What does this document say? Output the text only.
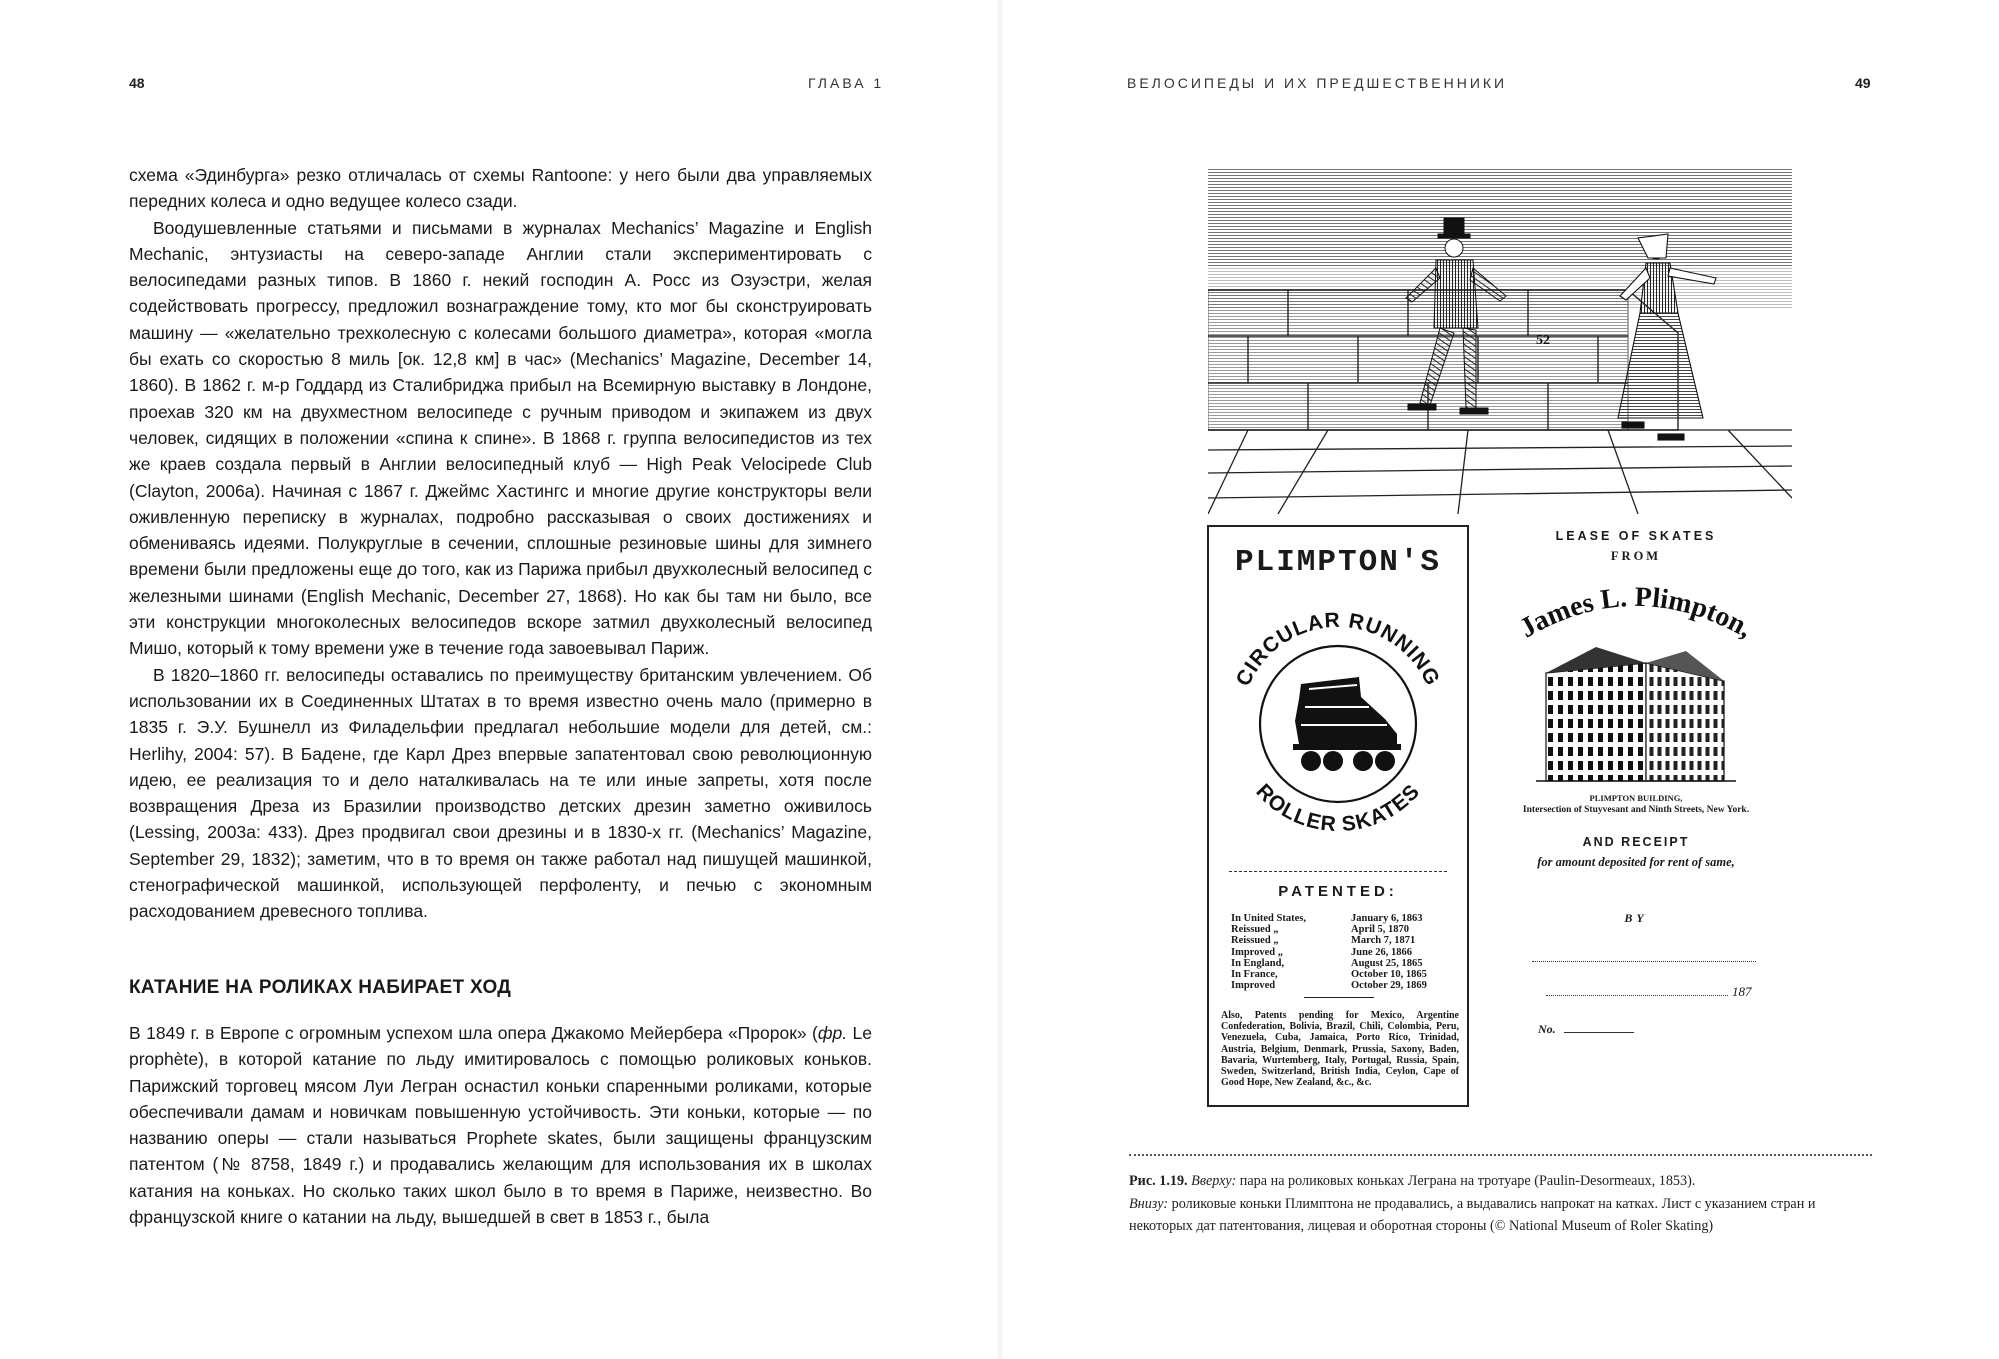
48	ГЛАВА 1

схема «Эдинбурга» резко отличалась от схемы Rantoone: у него были два управляемых передних колеса и одно ведущее колесо сзади.

Воодушевленные статьями и письмами в журналах Mechanics’ Magazine и English Mechanic, энтузиасты на северо-западе Англии стали экспериментировать с велосипедами разных типов. В 1860 г. некий господин А. Росс из Озуэстри, желая содействовать прогрессу, предложил вознаграждение тому, кто мог бы сконструировать машину — «желательно трехколесную с колесами большого диаметра», которая «могла бы ехать со скоростью 8 миль [ок. 12,8 км] в час» (Mechanics’ Magazine, December 14, 1860). В 1862 г. м-р Годдард из Сталибриджа прибыл на Всемирную выставку в Лондоне, проехав 320 км на двухместном велосипеде с ручным приводом и экипажем из двух человек, сидящих в положении «спина к спине». В 1868 г. группа велосипедистов из тех же краев создала первый в Англии велосипедный клуб — High Peak Velocipede Club (Clayton, 2006a). Начиная с 1867 г. Джеймс Хастингс и многие другие конструкторы вели оживленную переписку в журналах, подробно рассказывая о своих достижениях и обмениваясь идеями. Полукруглые в сечении, сплошные резиновые шины для зимнего времени были предложены еще до того, как из Парижа прибыл двухколесный велосипед с железными шинами (English Mechanic, December 27, 1868). Но как бы там ни было, все эти конструкции многоколесных велосипедов вскоре затмил двухколесный велосипед Мишо, который к тому времени уже в течение года завоевывал Париж.

В 1820–1860 гг. велосипеды оставались по преимуществу британским увлечением. Об использовании их в Соединенных Штатах в то время известно очень мало (примерно в 1835 г. Э.У. Бушнелл из Филадельфии предлагал небольшие модели для детей, см.: Herlihy, 2004: 57). В Бадене, где Карл Дрез впервые запатентовал свою революционную идею, ее реализация то и дело наталкивалась на те или иные запреты, хотя после возвращения Дреза из Бразилии производство детских дрезин заметно оживилось (Lessing, 2003a: 433). Дрез продвигал свои дрезины и в 1830-х гг. (Mechanics’ Magazine, September 29, 1832); заметим, что в то время он также работал над пишущей машинкой, стенографической машинкой, использующей перфоленту, и печью с экономным расходованием древесного топлива.

КАТАНИЕ НА РОЛИКАХ НАБИРАЕТ ХОД

В 1849 г. в Европе с огромным успехом шла опера Джакомо Мейербера «Пророк» (фр. Le prophète), в которой катание по льду имитировалось с помощью роликовых коньков. Парижский торговец мясом Луи Легран оснастил коньки спаренными роликами, которые обеспечивали дамам и новичкам повышенную устойчивость. Эти коньки, которые — по названию оперы — стали называться Prophete skates, были защищены французским патентом (№ 8758, 1849 г.) и продавались желающим для использования их в школах катания на коньках. Но сколько таких школ было в то время в Париже, неизвестно. Во французской книге о катании на льду, вышедшей в свет в 1853 г., была

ВЕЛОСИПЕДЫ И ИХ ПРЕДШЕСТВЕННИКИ	49
52
PLIMPTON'S
CIRCULAR RUNNING
ROLLER SKATES
PATENTED:
In United States,	January 6, 1863
Reissued „	April 5, 1870
Reissued „	March 7, 1871
Improved „	June 26, 1866
In England,	August 25, 1865
In France,	October 10, 1865
Improved	October 29, 1869
Also, Patents pending for Mexico, Argentine Confederation, Bolivia, Brazil, Chili, Colombia, Peru, Venezuela, Cuba, Jamaica, Porto Rico, Trinidad, Austria, Belgium, Denmark, Prussia, Saxony, Baden, Bavaria, Wurtemberg, Italy, Portugal, Russia, Spain, Sweden, Switzerland, British India, Ceylon, Cape of Good Hope, New Zealand, &c., &c.
LEASE OF SKATES
FROM
James L. Plimpton,
PLIMPTON BUILDING,
Intersection of Stuyvesant and Ninth Streets, New York.
AND RECEIPT
for amount deposited for rent of same,
BY
187
No.

Рис. 1.19. Вверху: пара на роликовых коньках Леграна на тротуаре (Paulin-Desormeaux, 1853).

Внизу: роликовые коньки Плимптона не продавались, а выдавались напрокат на катках. Лист с указанием стран и некоторых дат патентования, лицевая и оборотная стороны (© National Museum of Roler Skating)
